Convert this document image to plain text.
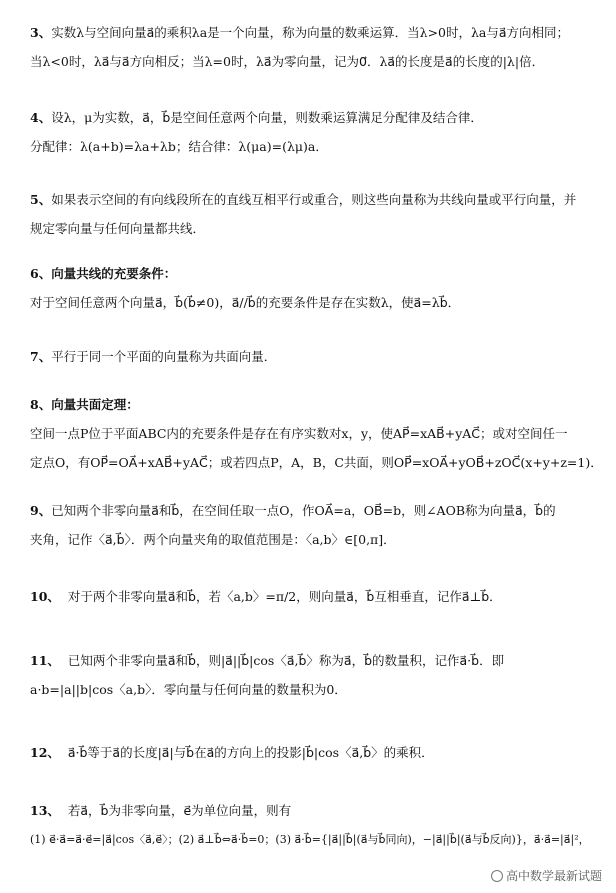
3、实数λ与空间向量a⃗的乘积λa是一个向量，称为向量的数乘运算．当λ>0时，λa与a⃗方向相同；
当λ<0时，λa⃗与a⃗方向相反；当λ=0时，λa⃗为零向量，记为0⃗．λa⃗的长度是a⃗的长度的|λ|倍．
4、设λ，μ为实数，a⃗，b⃗是空间任意两个向量，则数乘运算满足分配律及结合律．
分配律：λ(a+b)=λa+λb；结合律：λ(μa)=(λμ)a．
5、如果表示空间的有向线段所在的直线互相平行或重合，则这些向量称为共线向量或平行向量，并
规定零向量与任何向量都共线．
6、向量共线的充要条件：
对于空间任意两个向量a⃗，b⃗(b⃗≠0)，a⃗//b⃗的充要条件是存在实数λ，使a⃗=λb⃗．
7、平行于同一个平面的向量称为共面向量．
8、向量共面定理：
空间一点P位于平面ABC内的充要条件是存在有序实数对x，y，使AP⃗=xAB⃗+yAC⃗；或对空间任一
定点O，有OP⃗=OA⃗+xAB⃗+yAC⃗；或若四点P，A，B，C共面，则OP⃗=xOA⃗+yOB⃗+zOC⃗(x+y+z=1)．
9、已知两个非零向量a⃗和b⃗，在空间任取一点O，作OA⃗=a，OB⃗=b，则∠AOB称为向量a⃗，b⃗的
夹角，记作〈a⃗,b⃗〉．两个向量夹角的取值范围是：〈a,b〉∈[0,π]．
10、 对于两个非零向量a⃗和b⃗，若〈a,b〉=π/2，则向量a⃗，b⃗互相垂直，记作a⃗⊥b⃗．
11、 已知两个非零向量a⃗和b⃗，则|a⃗||b⃗|cos〈a⃗,b⃗〉称为a⃗，b⃗的数量积，记作a⃗·b⃗．即
a·b=|a||b|cos〈a,b〉．零向量与任何向量的数量积为0．
12、 a⃗·b⃗等于a⃗的长度|a⃗|与b⃗在a⃗的方向上的投影|b⃗|cos〈a⃗,b⃗〉的乘积．
13、 若a⃗，b⃗为非零向量，e⃗为单位向量，则有
(1) e⃗·a⃗=a⃗·e⃗=|a⃗|cos〈a⃗,e⃗〉；(2) a⃗⊥b⃗⇔a⃗·b⃗=0；(3) a⃗·b⃗={|a⃗||b⃗|(a⃗与b⃗同向)，−|a⃗||b⃗|(a⃗与b⃗反向)}，a⃗·a⃗=|a⃗|²，
高中数学最新试题
